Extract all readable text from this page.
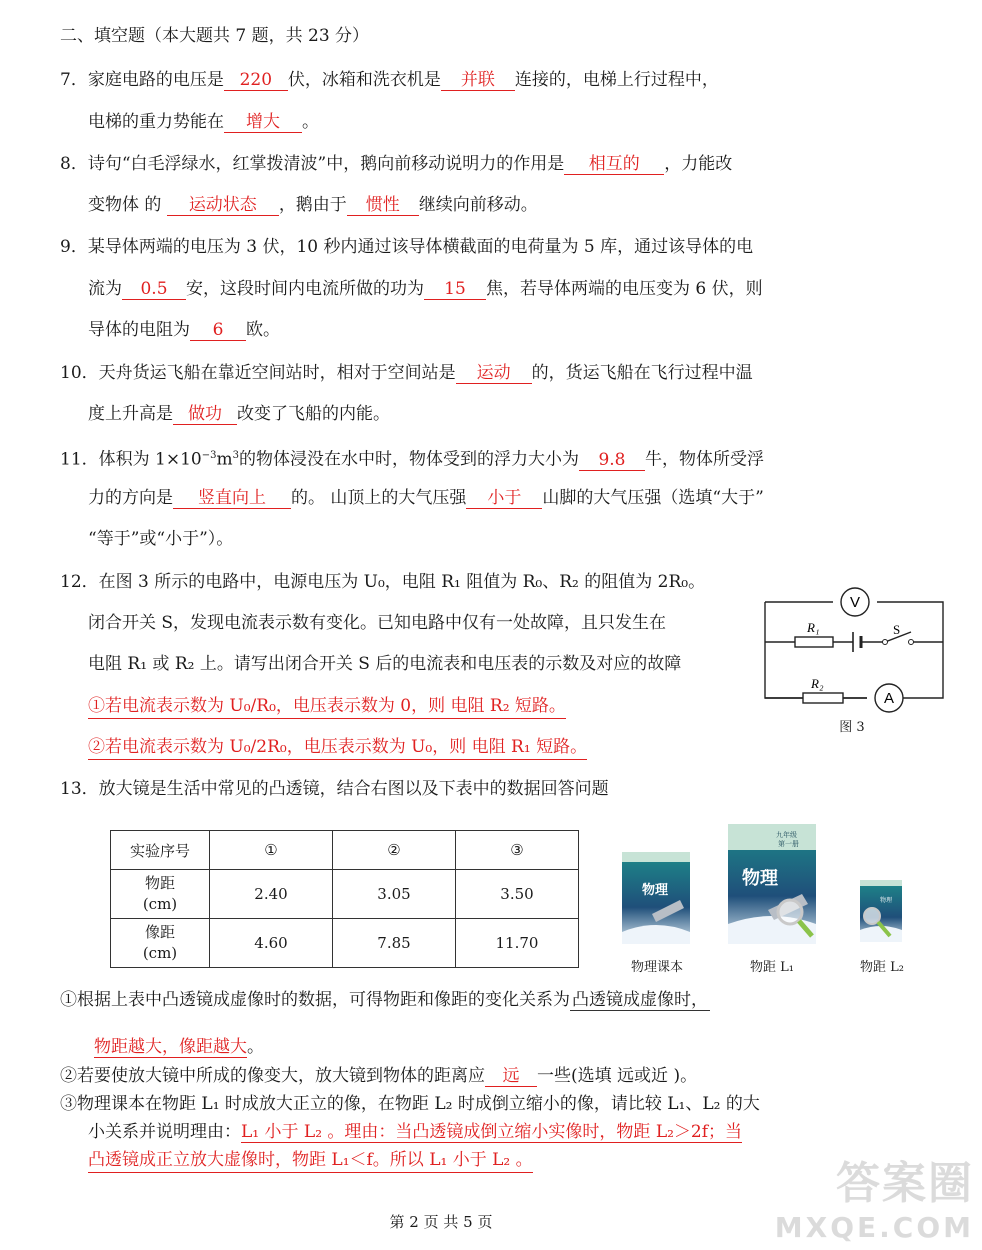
二、填空题（本大题共 7 题，共 23 分）
7．家庭电路的电压是 220 伏，冰箱和洗衣机是 并联 连接的，电梯上行过程中，
电梯的重力势能在 增大 。
8．诗句“白毛浮绿水，红掌拨清波”中，鹅向前移动说明力的作用是 相互的 ，力能改
变物体 的 运动状态 ，鹅由于 惯性 继续向前移动。
9．某导体两端的电压为 3 伏，10 秒内通过该导体横截面的电荷量为 5 库，通过该导体的电
流为 0.5 安，这段时间内电流所做的功为 15 焦，若导体两端的电压变为 6 伏，则
导体的电阻为 6 欧。
10．天舟货运飞船在靠近空间站时，相对于空间站是 运动 的，货运飞船在飞行过程中温
度上升高是 做功 改变了飞船的内能。
11．体积为 $1\times 10^{-3}m^3$的物体浸没在水中时，物体受到的浮力大小为 9.8 牛，物体所受浮
力的方向是 竖直向上 的。 山顶上的大气压强 小于 山脚的大气压强（选填“大于”
“等于”或“小于”）。
12．在图 3 所示的电路中，电源电压为 U₀，电阻 R₁ 阻值为 R₀、R₂ 的阻值为 2R₀。
闭合开关 S，发现电流表示数有变化。已知电路中仅有一处故障，且只发生在
电阻 R₁ 或 R₂ 上。请写出闭合开关 S 后的电流表和电压表的示数及对应的故障
①若电流表示数为 U₀/R₀，电压表示数为 0，则 电阻 R₂ 短路。
②若电流表示数为 U₀/2R₀，电压表示数为 U₀，则 电阻 R₁ 短路。
V
R₁	S
R₂
A
图 3
13．放大镜是生活中常见的凸透镜，结合右图以及下表中的数据回答问题
实验序号	①	②	③
物距
(cm)	2.40	3.05	3.50
像距
(cm)	4.60	7.85	11.70
物理
物理课本
九年级
第一册
物理
物距 L₁
物理
物距 L₂
①根据上表中凸透镜成虚像时的数据，可得物距和像距的变化关系为 凸透镜成虚像时，
物距越大，像距越大。
②若要使放大镜中所成的像变大，放大镜到物体的距离应 远 一些(选填 远或近 )。
③物理课本在物距 L₁ 时成放大正立的像，在物距 L₂ 时成倒立缩小的像，请比较 L₁、L₂ 的大
小关系并说明理由：L₁ 小于 L₂ 。理由：当凸透镜成倒立缩小实像时，物距 L₂＞2f；当
凸透镜成正立放大虚像时，物距 L₁＜f。所以 L₁ 小于 L₂ 。
第 2 页 共 5 页
答案圈
MXQE.COM
